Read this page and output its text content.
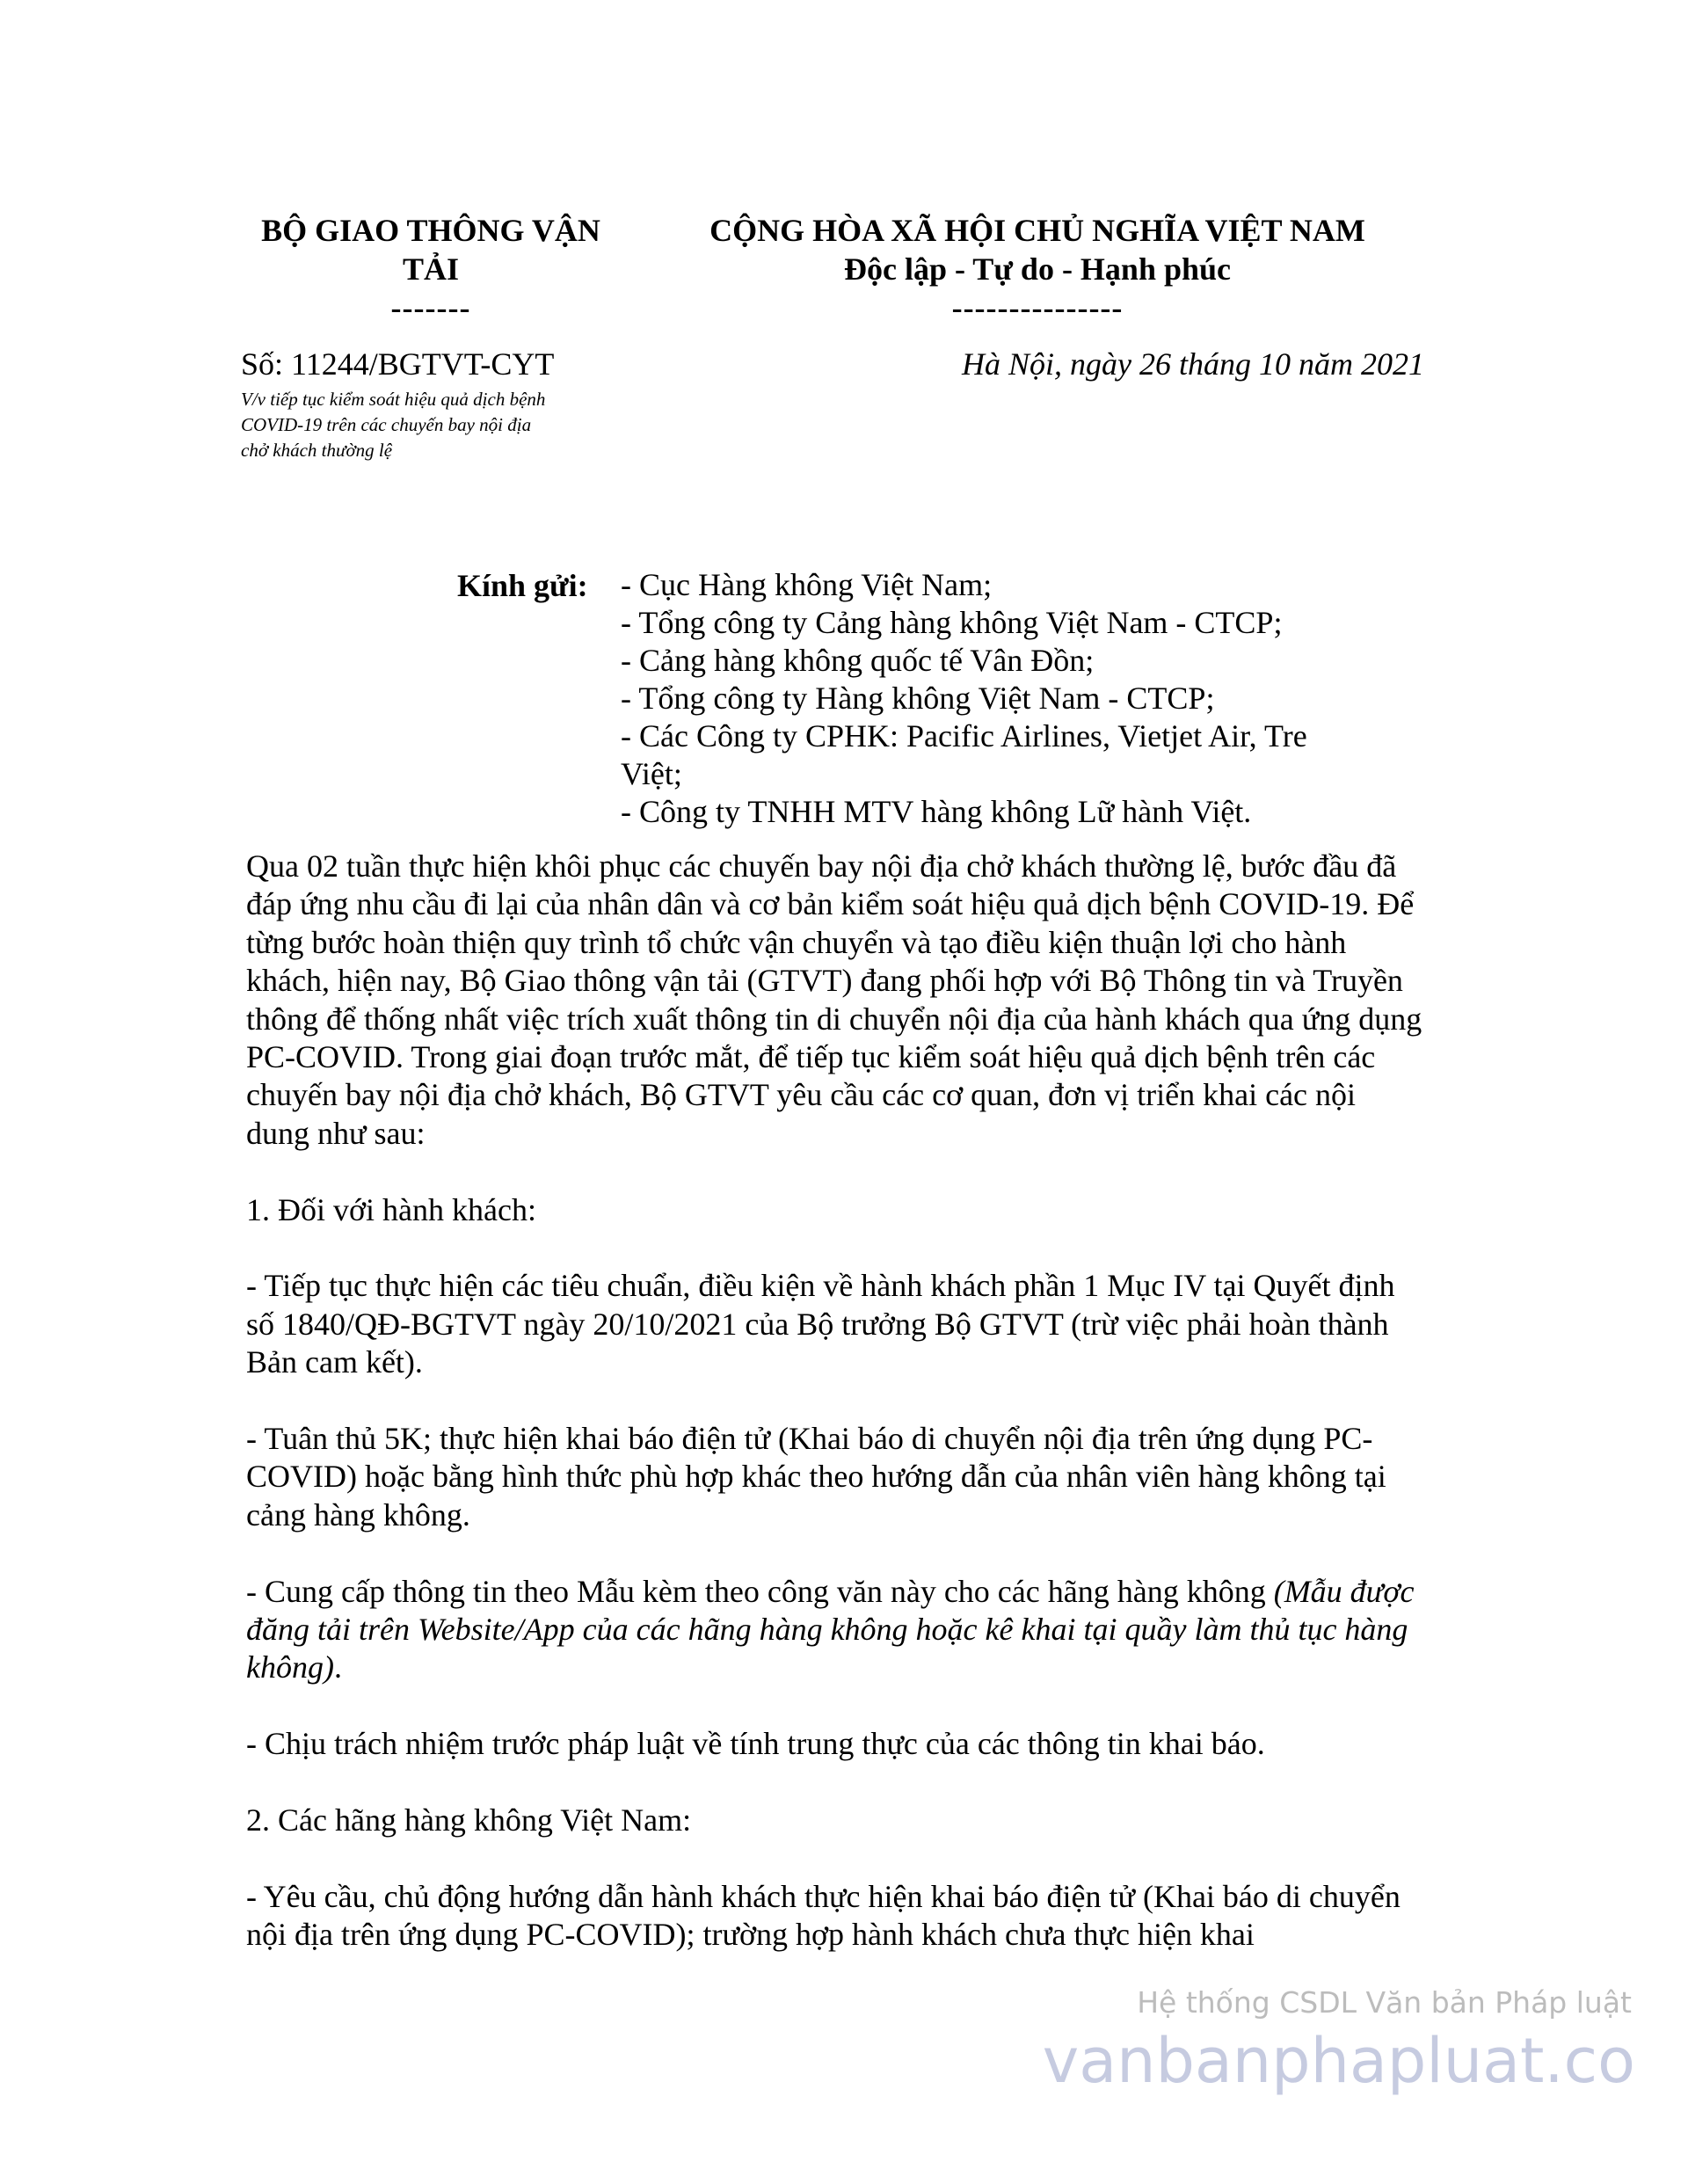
BỘ GIAO THÔNG VẬN
TẢI
-------
CỘNG HÒA XÃ HỘI CHỦ NGHĨA VIỆT NAM
Độc lập - Tự do - Hạnh phúc
---------------
Số: 11244/BGTVT-CYT
V/v tiếp tục kiểm soát hiệu quả dịch bệnh
COVID-19 trên các chuyến bay nội địa
chở khách thường lệ
Hà Nội, ngày 26 tháng 10 năm 2021
Kính gửi: - Cục Hàng không Việt Nam;
- Tổng công ty Cảng hàng không Việt Nam - CTCP;
- Cảng hàng không quốc tế Vân Đồn;
- Tổng công ty Hàng không Việt Nam - CTCP;
- Các Công ty CPHK: Pacific Airlines, Vietjet Air, Tre
Việt;
- Công ty TNHH MTV hàng không Lữ hành Việt.

Qua 02 tuần thực hiện khôi phục các chuyến bay nội địa chở khách thường lệ, bước đầu đã đáp ứng nhu cầu đi lại của nhân dân và cơ bản kiểm soát hiệu quả dịch bệnh COVID-19. Để từng bước hoàn thiện quy trình tổ chức vận chuyển và tạo điều kiện thuận lợi cho hành khách, hiện nay, Bộ Giao thông vận tải (GTVT) đang phối hợp với Bộ Thông tin và Truyền thông để thống nhất việc trích xuất thông tin di chuyển nội địa của hành khách qua ứng dụng PC-COVID. Trong giai đoạn trước mắt, để tiếp tục kiểm soát hiệu quả dịch bệnh trên các chuyến bay nội địa chở khách, Bộ GTVT yêu cầu các cơ quan, đơn vị triển khai các nội dung như sau:

1. Đối với hành khách:

- Tiếp tục thực hiện các tiêu chuẩn, điều kiện về hành khách phần 1 Mục IV tại Quyết định số 1840/QĐ-BGTVT ngày 20/10/2021 của Bộ trưởng Bộ GTVT (trừ việc phải hoàn thành Bản cam kết).

- Tuân thủ 5K; thực hiện khai báo điện tử (Khai báo di chuyển nội địa trên ứng dụng PC-COVID) hoặc bằng hình thức phù hợp khác theo hướng dẫn của nhân viên hàng không tại cảng hàng không.

- Cung cấp thông tin theo Mẫu kèm theo công văn này cho các hãng hàng không (Mẫu được đăng tải trên Website/App của các hãng hàng không hoặc kê khai tại quầy làm thủ tục hàng không).

- Chịu trách nhiệm trước pháp luật về tính trung thực của các thông tin khai báo.

2. Các hãng hàng không Việt Nam:

- Yêu cầu, chủ động hướng dẫn hành khách thực hiện khai báo điện tử (Khai báo di chuyển nội địa trên ứng dụng PC-COVID); trường hợp hành khách chưa thực hiện khai

Hệ thống CSDL Văn bản Pháp luật
vanbanphapluat.co
